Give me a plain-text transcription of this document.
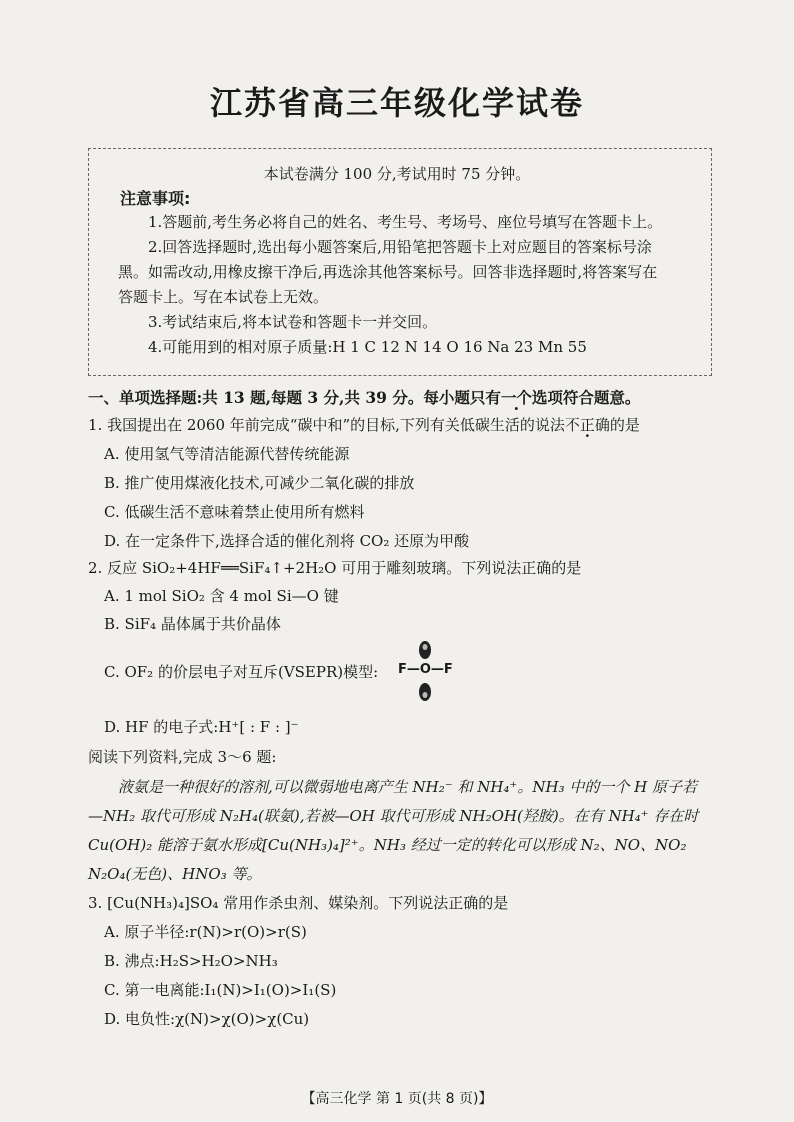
江苏省高三年级化学试卷
本试卷满分 100 分,考试用时 75 分钟。
注意事项:
1.答题前,考生务必将自己的姓名、考生号、考场号、座位号填写在答题卡上。
2.回答选择题时,选出每小题答案后,用铅笔把答题卡上对应题目的答案标号涂
黑。如需改动,用橡皮擦干净后,再选涂其他答案标号。回答非选择题时,将答案写在
答题卡上。写在本试卷上无效。
3.考试结束后,将本试卷和答题卡一并交回。
4.可能用到的相对原子质量:H 1 C 12 N 14 O 16 Na 23 Mn 55
一、单项选择题:共 13 题,每题 3 分,共 39 分。每小题只有一个选项符合题意。
1. 我国提出在 2060 年前完成“碳中和”的目标,下列有关低碳生活的说法不正确的是
A. 使用氢气等清洁能源代替传统能源
B. 推广使用煤液化技术,可减少二氧化碳的排放
C. 低碳生活不意味着禁止使用所有燃料
D. 在一定条件下,选择合适的催化剂将 CO₂ 还原为甲酸
2. 反应 SiO₂+4HF══SiF₄↑+2H₂O 可用于雕刻玻璃。下列说法正确的是
A. 1 mol SiO₂ 含 4 mol Si—O 键
B. SiF₄ 晶体属于共价晶体
C. OF₂ 的价层电子对互斥(VSEPR)模型: F—O—F
D. HF 的电子式:H⁺[ : F : ]⁻
阅读下列资料,完成 3～6 题:
液氨是一种很好的溶剂,可以微弱地电离产生 NH₂⁻ 和 NH₄⁺。NH₃ 中的一个 H 原子若
—NH₂ 取代可形成 N₂H₄(联氨),若被—OH 取代可形成 NH₂OH(羟胺)。在有 NH₄⁺ 存在时
Cu(OH)₂ 能溶于氨水形成[Cu(NH₃)₄]²⁺。NH₃ 经过一定的转化可以形成 N₂、NO、NO₂
N₂O₄(无色)、HNO₃ 等。
3. [Cu(NH₃)₄]SO₄ 常用作杀虫剂、媒染剂。下列说法正确的是
A. 原子半径:r(N)>r(O)>r(S)
B. 沸点:H₂S>H₂O>NH₃
C. 第一电离能:I₁(N)>I₁(O)>I₁(S)
D. 电负性:χ(N)>χ(O)>χ(Cu)
【高三化学 第 1 页(共 8 页)】
